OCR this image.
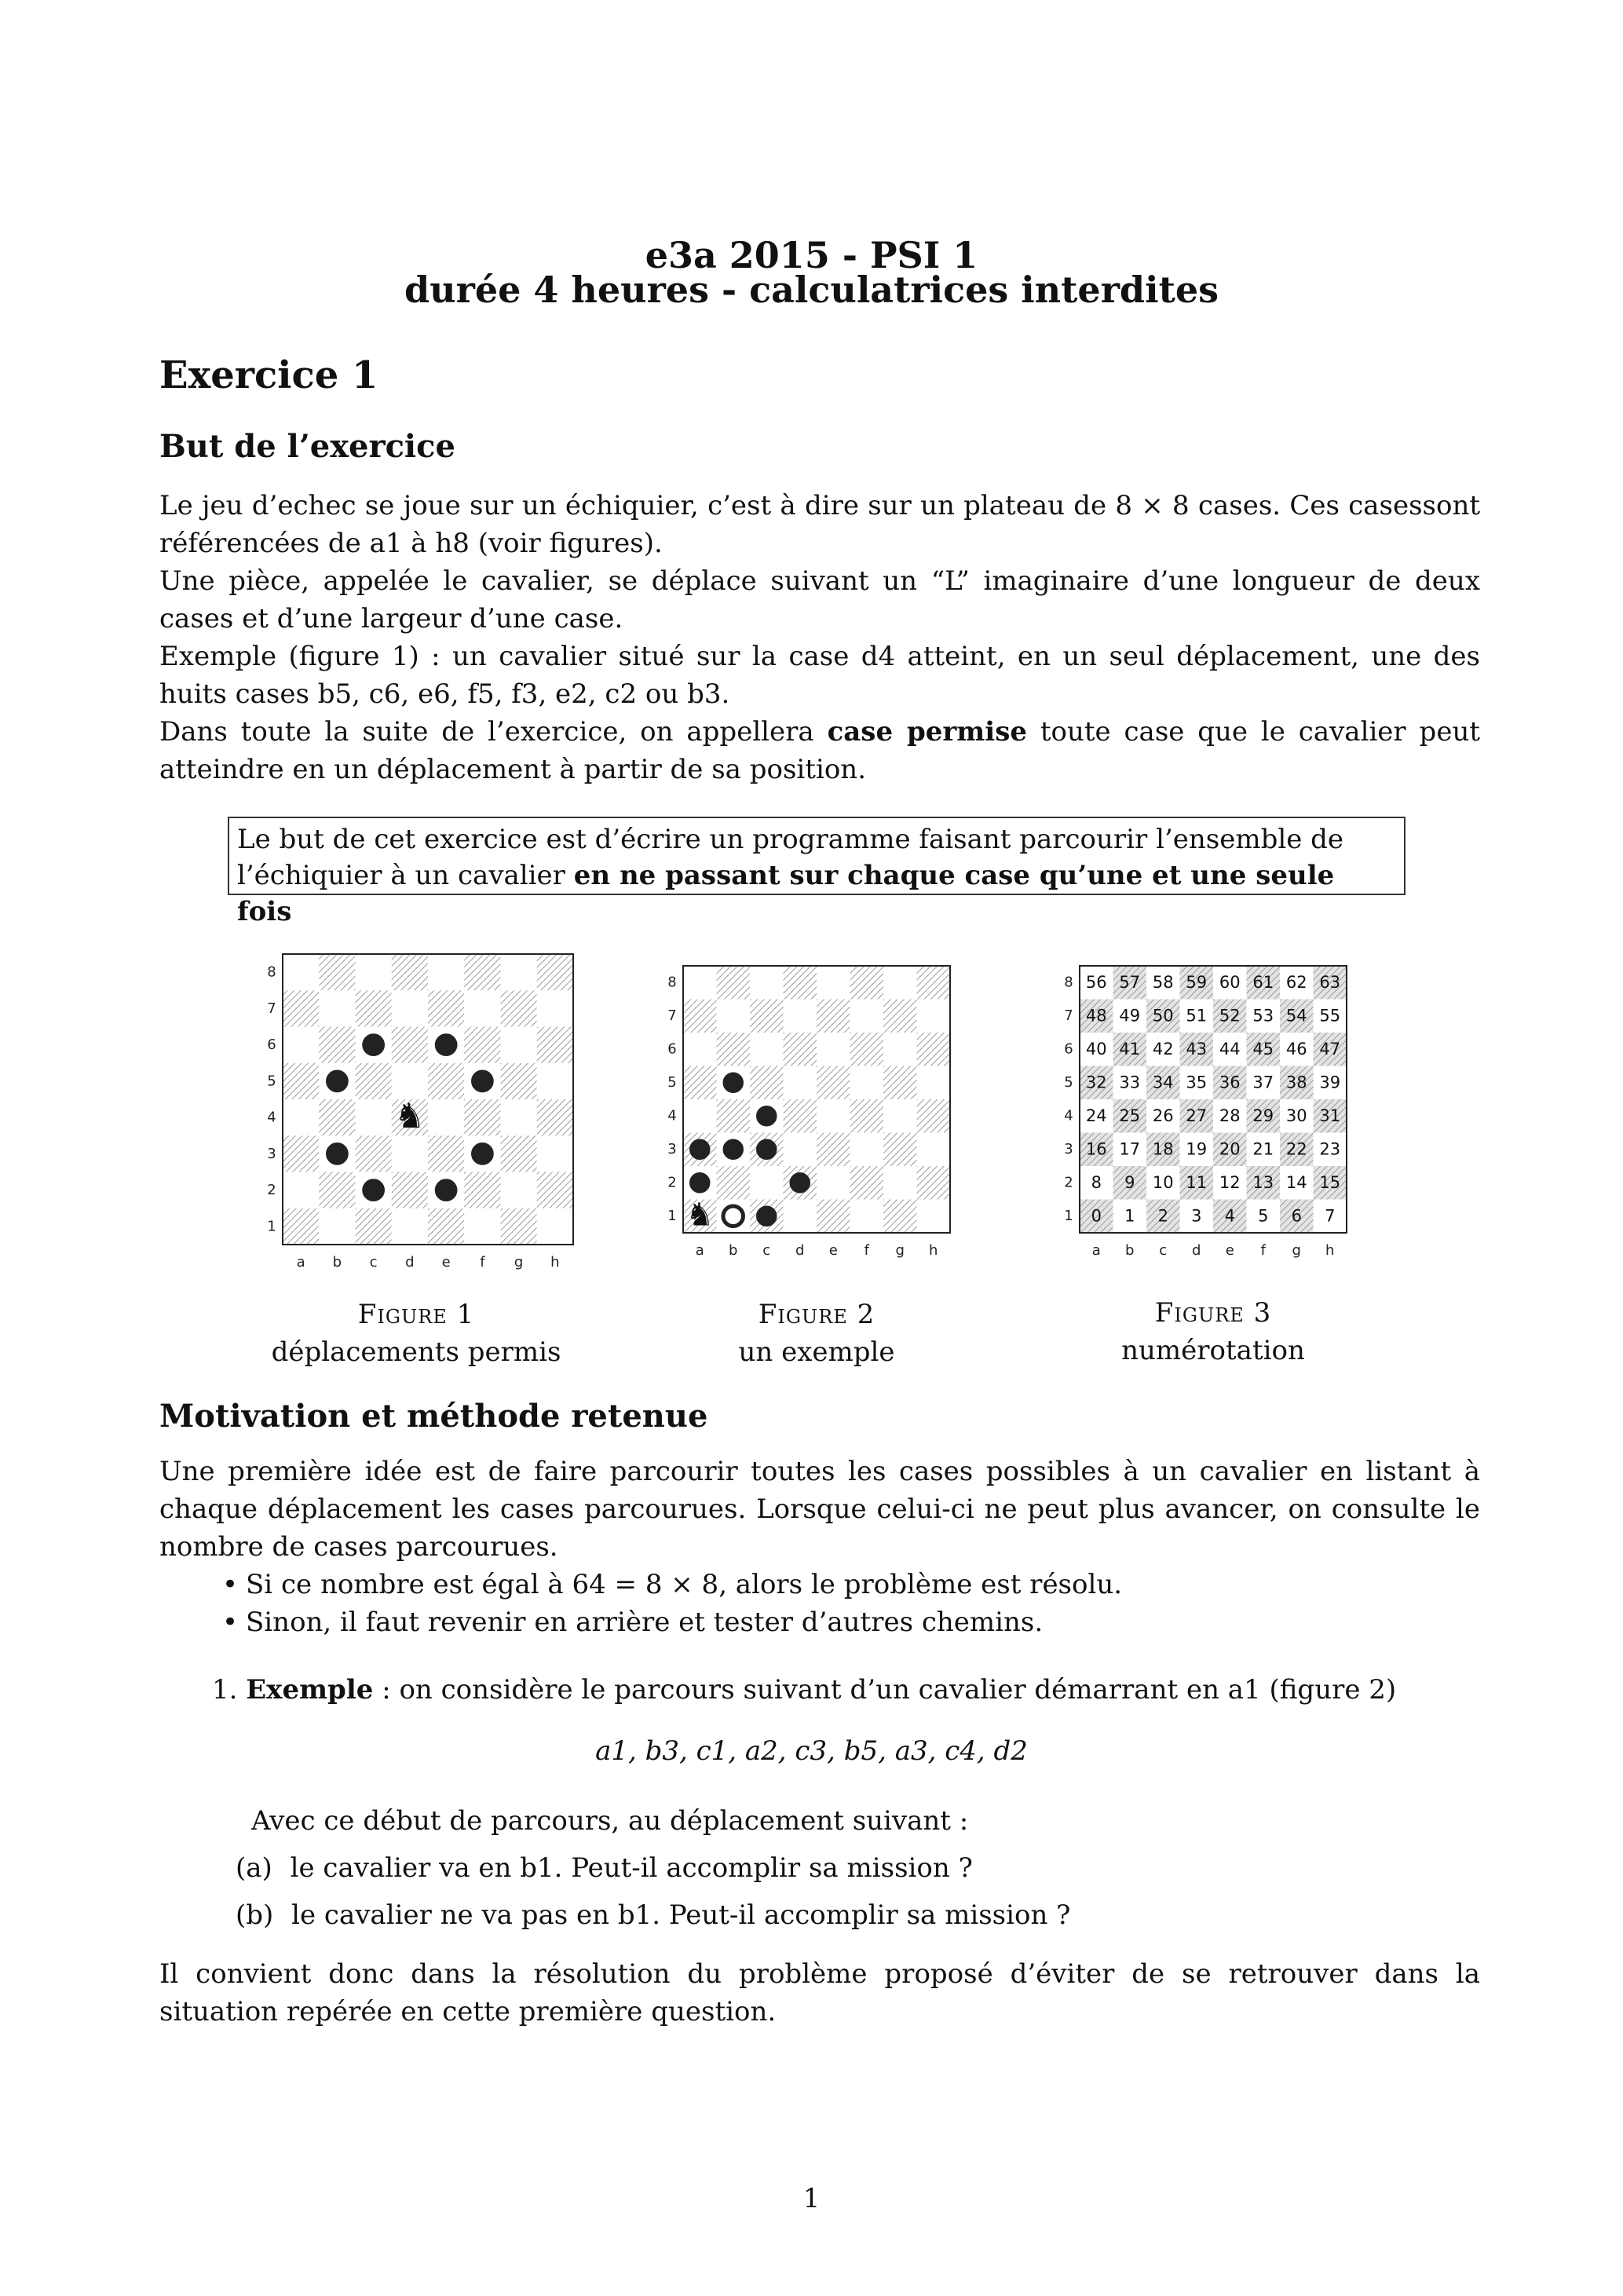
e3a 2015 - PSI 1
durée 4 heures - calculatrices interdites
Exercice 1
But de l’exercice

Le jeu d’echec se joue sur un échiquier, c’est à dire sur un plateau de 8 × 8 cases. Ces casessont référencées de a1 à h8 (voir figures).

Une pièce, appelée le cavalier, se déplace suivant un “L” imaginaire d’une longueur de deux cases et d’une largeur d’une case.

Exemple (figure 1) : un cavalier situé sur la case d4 atteint, en un seul déplacement, une des huits cases b5, c6, e6, f5, f3, e2, c2 ou b3.

Dans toute la suite de l’exercice, on appellera case permise toute case que le cavalier peut atteindre en un déplacement à partir de sa position.

Le but de cet exercice est d’écrire un programme faisant parcourir l’ensemble de l’échiquier à un cavalier en ne passant sur chaque case qu’une et une seule fois
1
2
3
4
5
6
7
8
a b c d e f g h
♞
1
2
3
4
5
6
7
8
a b c d e f g h
♞	1
2
3
4
5
6
7
8
a b c d e f g h
0 1 2 3 4 5 6 7
8 9 10 11 12 13 14 15
16 17 18 19 20 21 22 23
24 25 26 27 28 29 30 31
32 33 34 35 36 37 38 39
40 41 42 43 44 45 46 47
48 49 50 51 52 53 54 55
56 57 58 59 60 61 62 63
Figure 1
déplacements permis
Figure 2
un exemple
Figure 3
numérotation
Motivation et méthode retenue

Une première idée est de faire parcourir toutes les cases possibles à un cavalier en listant à chaque déplacement les cases parcourues. Lorsque celui-ci ne peut plus avancer, on consulte le nombre de cases parcourues.

• Si ce nombre est égal à 64 = 8 × 8, alors le problème est résolu.
• Sinon, il faut revenir en arrière et tester d’autres chemins.
1. Exemple : on considère le parcours suivant d’un cavalier démarrant en a1 (figure 2)
a1, b3, c1, a2, c3, b5, a3, c4, d2
Avec ce début de parcours, au déplacement suivant :
(a) le cavalier va en b1. Peut-il accomplir sa mission ?
(b) le cavalier ne va pas en b1. Peut-il accomplir sa mission ?
Il convient donc dans la résolution du problème proposé d’éviter de se retrouver dans la situation repérée en cette première question.
1
